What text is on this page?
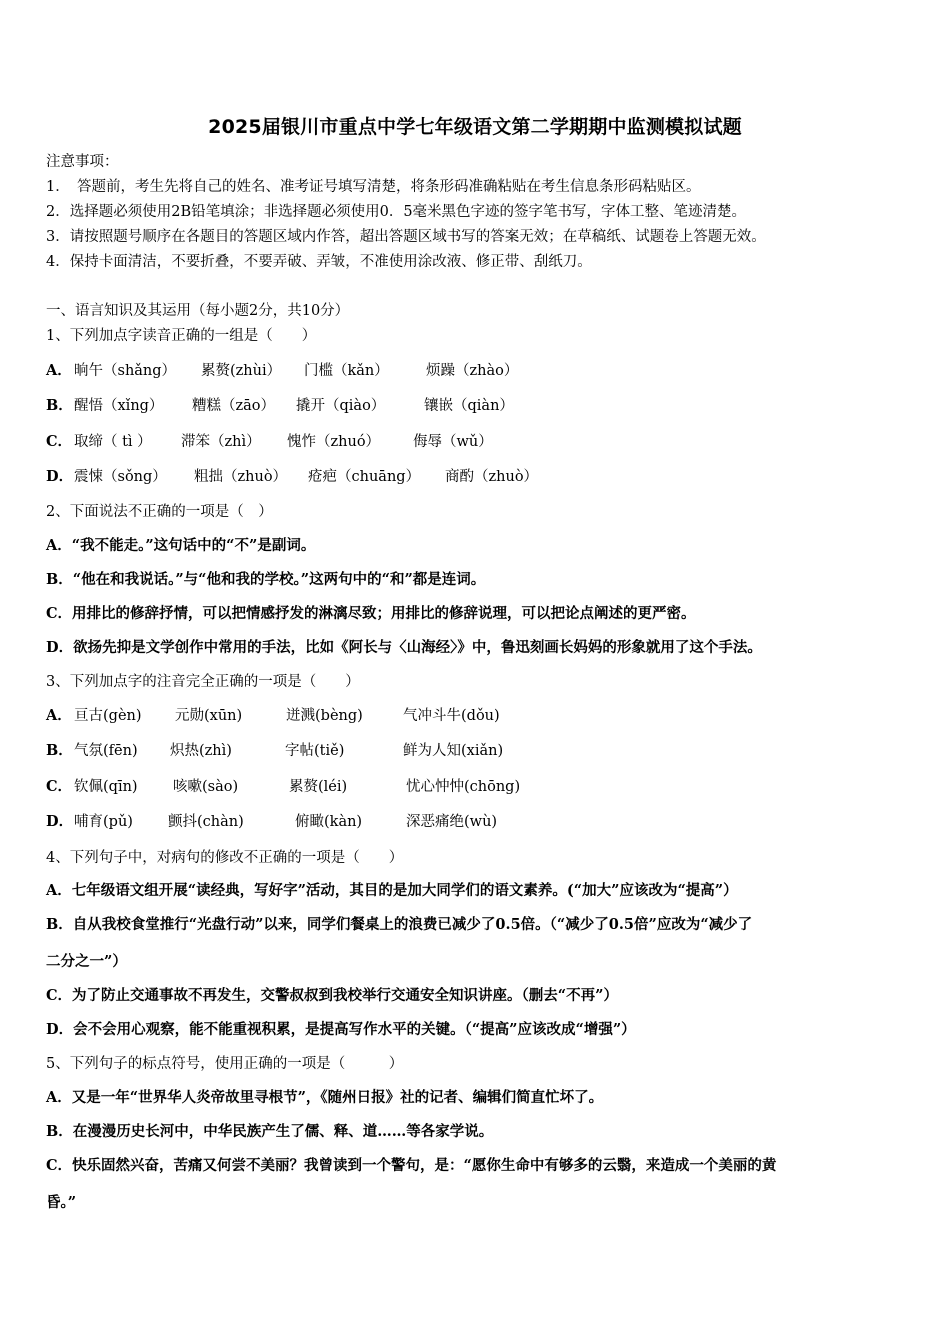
2025届银川市重点中学七年级语文第二学期期中监测模拟试题
注意事项：
1．　答题前，考生先将自己的姓名、准考证号填写清楚，将条形码准确粘贴在考生信息条形码粘贴区。
2．选择题必须使用2B铅笔填涂；非选择题必须使用0．5毫米黑色字迹的签字笔书写，字体工整、笔迹清楚。
3．请按照题号顺序在各题目的答题区域内作答，超出答题区域书写的答案无效；在草稿纸、试题卷上答题无效。
4．保持卡面清洁，不要折叠，不要弄破、弄皱，不准使用涂改液、修正带、刮纸刀。
一、语言知识及其运用（每小题2分，共10分）
1、下列加点字读音正确的一组是（　　）
A． 晌午（shǎng） 累赘(zhùi） 门槛（kǎn）	烦躁（zhào）
B． 醒悟（xǐng） 糟糕（zāo） 撬开（qiào）	镶嵌（qiàn）
C． 取缔（ tì ） 滞笨（zhì） 愧怍（zhuó） 侮辱（wǔ）
D． 震悚（sǒng） 粗拙（zhuò） 疮疤（chuāng） 商酌（zhuò）
2、下面说法不正确的一项是（　）
A．“我不能走。”这句话中的“不”是副词。
B．“他在和我说话。”与“他和我的学校。”这两句中的“和”都是连词。
C．用排比的修辞抒情，可以把情感抒发的淋漓尽致；用排比的修辞说理，可以把论点阐述的更严密。
D．欲扬先抑是文学创作中常用的手法，比如《阿长与〈山海经〉》中，鲁迅刻画长妈妈的形象就用了这个手法。
3、下列加点字的注音完全正确的一项是（　　）
A． 亘古(gèn) 元勋(xūn)	迸溅(bèng)	气冲斗牛(dǒu)
B． 气氛(fēn) 炽热(zhì)	字帖(tiě)	鲜为人知(xiǎn)
C． 钦佩(qīn) 咳嗽(sào)	累赘(léi)	忧心忡忡(chōng)
D． 哺育(pǔ) 颤抖(chàn)	俯瞰(kàn)	深恶痛绝(wù)
4、下列句子中，对病句的修改不正确的一项是（　　）
A．七年级语文组开展“读经典，写好字”活动，其目的是加大同学们的语文素养。(“加大”应该改为“提高”）
B．自从我校食堂推行“光盘行动”以来，同学们餐桌上的浪费已减少了0.5倍。（“减少了0.5倍”应改为“减少了
二分之一”）
C．为了防止交通事故不再发生，交警叔叔到我校举行交通安全知识讲座。（删去“不再”）
D．会不会用心观察，能不能重视积累，是提高写作水平的关键。（“提高”应该改成“增强”）
5、下列句子的标点符号，使用正确的一项是（　　　）
A．又是一年“世界华人炎帝故里寻根节”，《随州日报》社的记者、编辑们简直忙坏了。
B．在漫漫历史长河中，中华民族产生了儒、释、道……等各家学说。
C．快乐固然兴奋，苦痛又何尝不美丽？我曾读到一个警句，是：“愿你生命中有够多的云翳，来造成一个美丽的黄
昏。”
